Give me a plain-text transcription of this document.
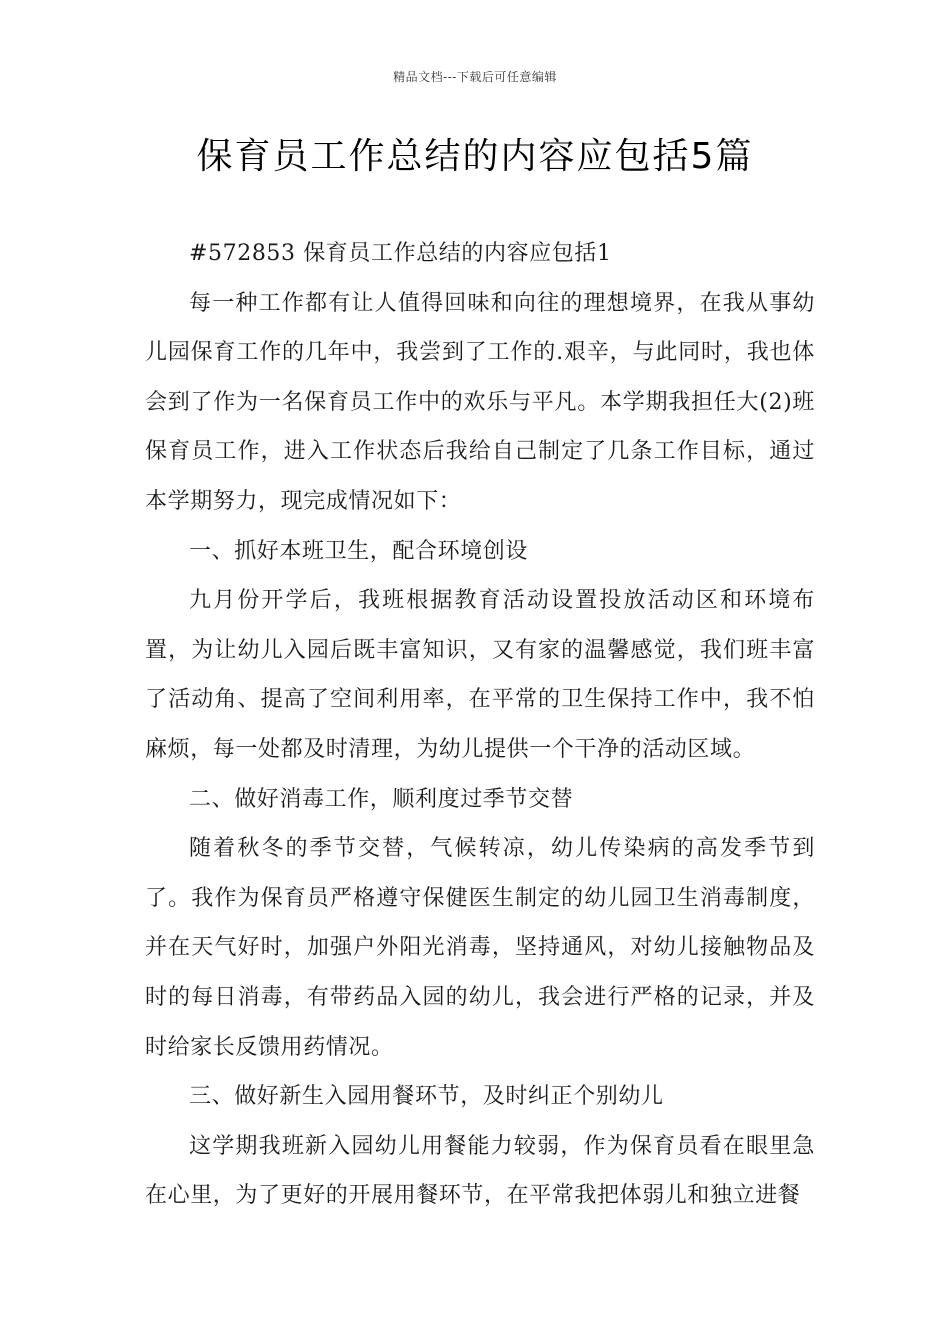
精品文档---下载后可任意编辑
保育员工作总结的内容应包括5篇

#572853 保育员工作总结的内容应包括1

每一种工作都有让人值得回味和向往的理想境界，在我从事幼儿园保育工作的几年中，我尝到了工作的.艰辛，与此同时，我也体会到了作为一名保育员工作中的欢乐与平凡。本学期我担任大(2)班保育员工作，进入工作状态后我给自己制定了几条工作目标，通过本学期努力，现完成情况如下：

一、抓好本班卫生，配合环境创设

九月份开学后，我班根据教育活动设置投放活动区和环境布置，为让幼儿入园后既丰富知识，又有家的温馨感觉，我们班丰富了活动角、提高了空间利用率，在平常的卫生保持工作中，我不怕麻烦，每一处都及时清理，为幼儿提供一个干净的活动区域。

二、做好消毒工作，顺利度过季节交替

随着秋冬的季节交替，气候转凉，幼儿传染病的高发季节到了。我作为保育员严格遵守保健医生制定的幼儿园卫生消毒制度，并在天气好时，加强户外阳光消毒，坚持通风，对幼儿接触物品及时的每日消毒，有带药品入园的幼儿，我会进行严格的记录，并及时给家长反馈用药情况。

三、做好新生入园用餐环节，及时纠正个别幼儿

这学期我班新入园幼儿用餐能力较弱，作为保育员看在眼里急在心里，为了更好的开展用餐环节，在平常我把体弱儿和独立进餐
